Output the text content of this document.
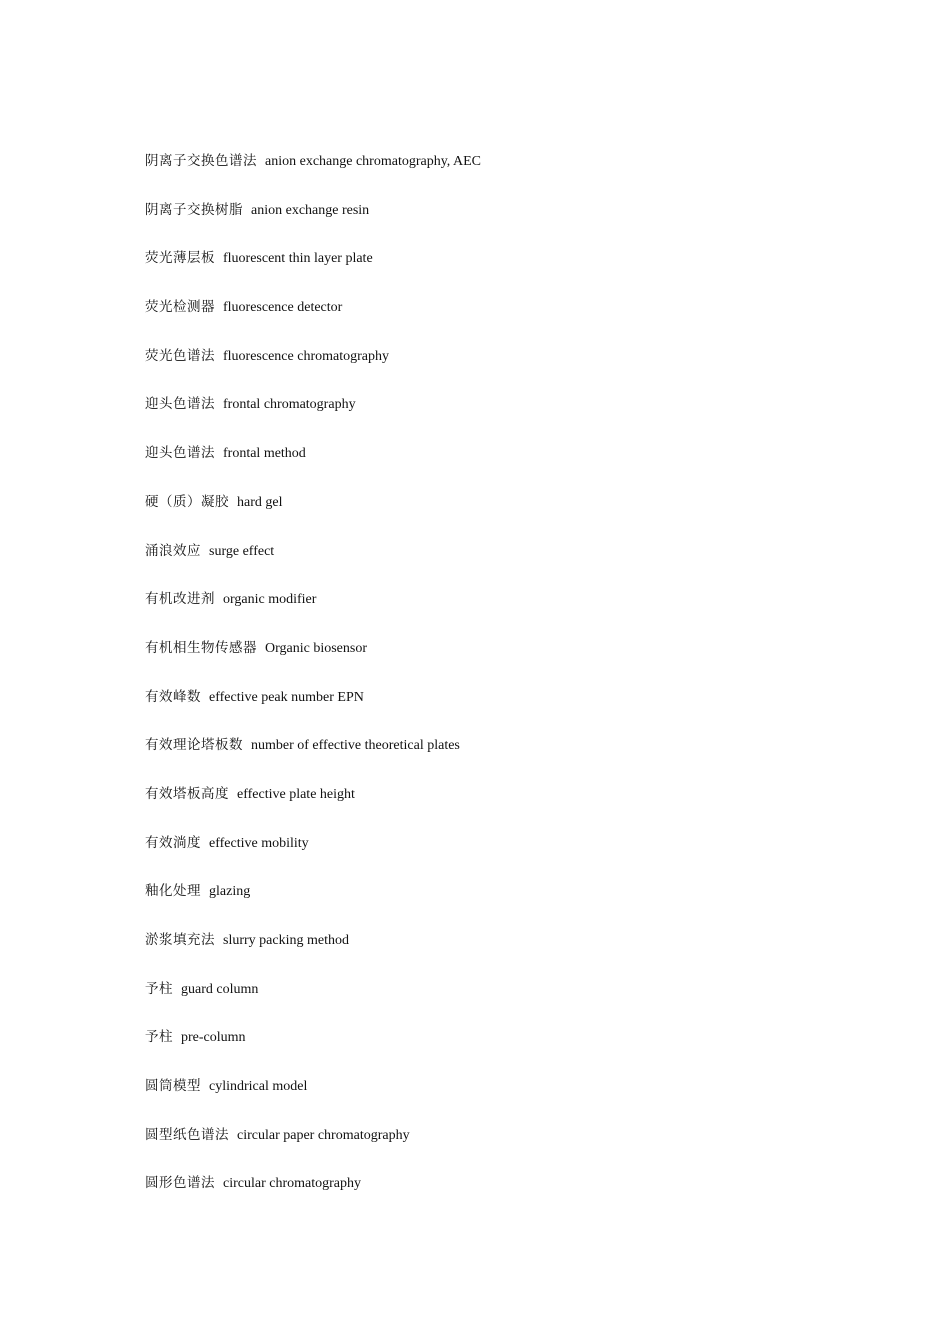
阴离子交换色谱法 anion exchange chromatography, AEC
阴离子交换树脂 anion exchange resin
荧光薄层板 fluorescent thin layer plate
荧光检测器 fluorescence detector
荧光色谱法 fluorescence chromatography
迎头色谱法 frontal chromatography
迎头色谱法 frontal method
硬（质）凝胶 hard gel
涌浪效应 surge effect
有机改进剂 organic modifier
有机相生物传感器 Organic biosensor
有效峰数 effective peak number EPN
有效理论塔板数 number of effective theoretical plates
有效塔板高度 effective plate height
有效淌度 effective mobility
釉化处理 glazing
淤浆填充法 slurry packing method
予柱 guard column
予柱 pre-column
圆筒模型 cylindrical model
圆型纸色谱法 circular paper chromatography
圆形色谱法 circular chromatography
